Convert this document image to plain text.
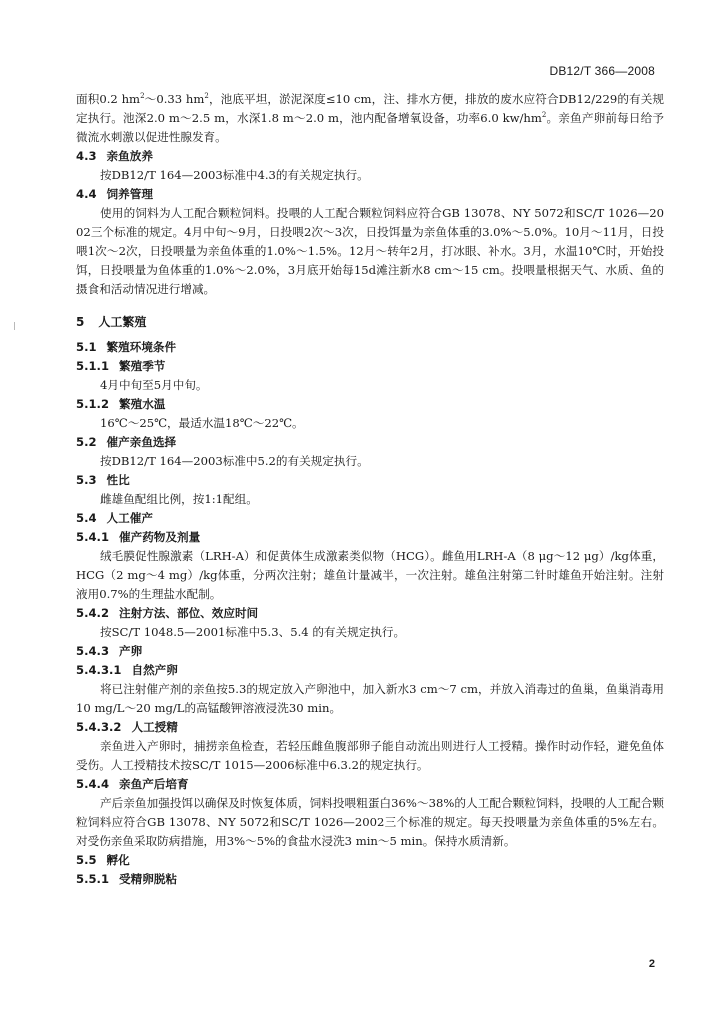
DB12/T 366—2008

面积0.2 $hm^2\sim 0.33$ $hm^2$，池底平坦，淤泥深度≤10 cm，注、排水方便，排放的废水应符合DB12/229的有关规定执行。池深2.0 m～2.5 m，水深1.8 m～2.0 m，池内配备增氧设备，功率6.0 $kw/hm^2$。亲鱼产卵前每日给予微流水刺激以促进性腺发育。

4.3 亲鱼放养

按DB12/T 164—2003标准中4.3的有关规定执行。

4.4 饲养管理

使用的饲料为人工配合颗粒饲料。投喂的人工配合颗粒饲料应符合GB 13078、NY 5072和SC/T 1026—2002三个标准的规定。4月中旬～9月，日投喂2次～3次，日投饵量为亲鱼体重的3.0%～5.0%。10月～11月，日投喂1次～2次，日投喂量为亲鱼体重的1.0%～1.5%。12月～转年2月，打冰眼、补水。3月，水温10℃时，开始投饵，日投喂量为鱼体重的1.0%～2.0%，3月底开始每15d滩注新水8 cm～15 cm。投喂量根据天气、水质、鱼的摄食和活动情况进行增减。

5 人工繁殖
5.1 繁殖环境条件
5.1.1 繁殖季节

4月中旬至5月中旬。

5.1.2 繁殖水温

16℃～25℃，最适水温18℃～22℃。

5.2 催产亲鱼选择

按DB12/T 164—2003标准中5.2的有关规定执行。

5.3 性比

雌雄鱼配组比例，按1:1配组。

5.4 人工催产
5.4.1 催产药物及剂量

绒毛膜促性腺激素（LRH-A）和促黄体生成激素类似物（HCG）。雌鱼用LRH-A（8 μg～12 μg）/kg体重，HCG（2 mg～4 mg）/kg体重，分两次注射；雄鱼计量减半，一次注射。雄鱼注射第二针时雄鱼开始注射。注射液用0.7%的生理盐水配制。

5.4.2 注射方法、部位、效应时间

按SC/T 1048.5—2001标准中5.3、5.4 的有关规定执行。

5.4.3 产卵
5.4.3.1 自然产卵

将已注射催产剂的亲鱼按5.3的规定放入产卵池中，加入新水3 cm～7 cm，并放入消毒过的鱼巢，鱼巢消毒用10 mg/L～20 mg/L的高锰酸钾溶液浸洗30 min。

5.4.3.2 人工授精

亲鱼进入产卵时，捕捞亲鱼检查，若轻压雌鱼腹部卵子能自动流出则进行人工授精。操作时动作轻，避免鱼体受伤。人工授精技术按SC/T 1015—2006标准中6.3.2的规定执行。

5.4.4 亲鱼产后培育

产后亲鱼加强投饵以确保及时恢复体质，饲料投喂粗蛋白36%～38%的人工配合颗粒饲料，投喂的人工配合颗粒饲料应符合GB 13078、NY 5072和SC/T 1026—2002三个标准的规定。每天投喂量为亲鱼体重的5%左右。对受伤亲鱼采取防病措施，用3%～5%的食盐水浸洗3 min～5 min。保持水质清新。

5.5 孵化
5.5.1 受精卵脱粘
2
